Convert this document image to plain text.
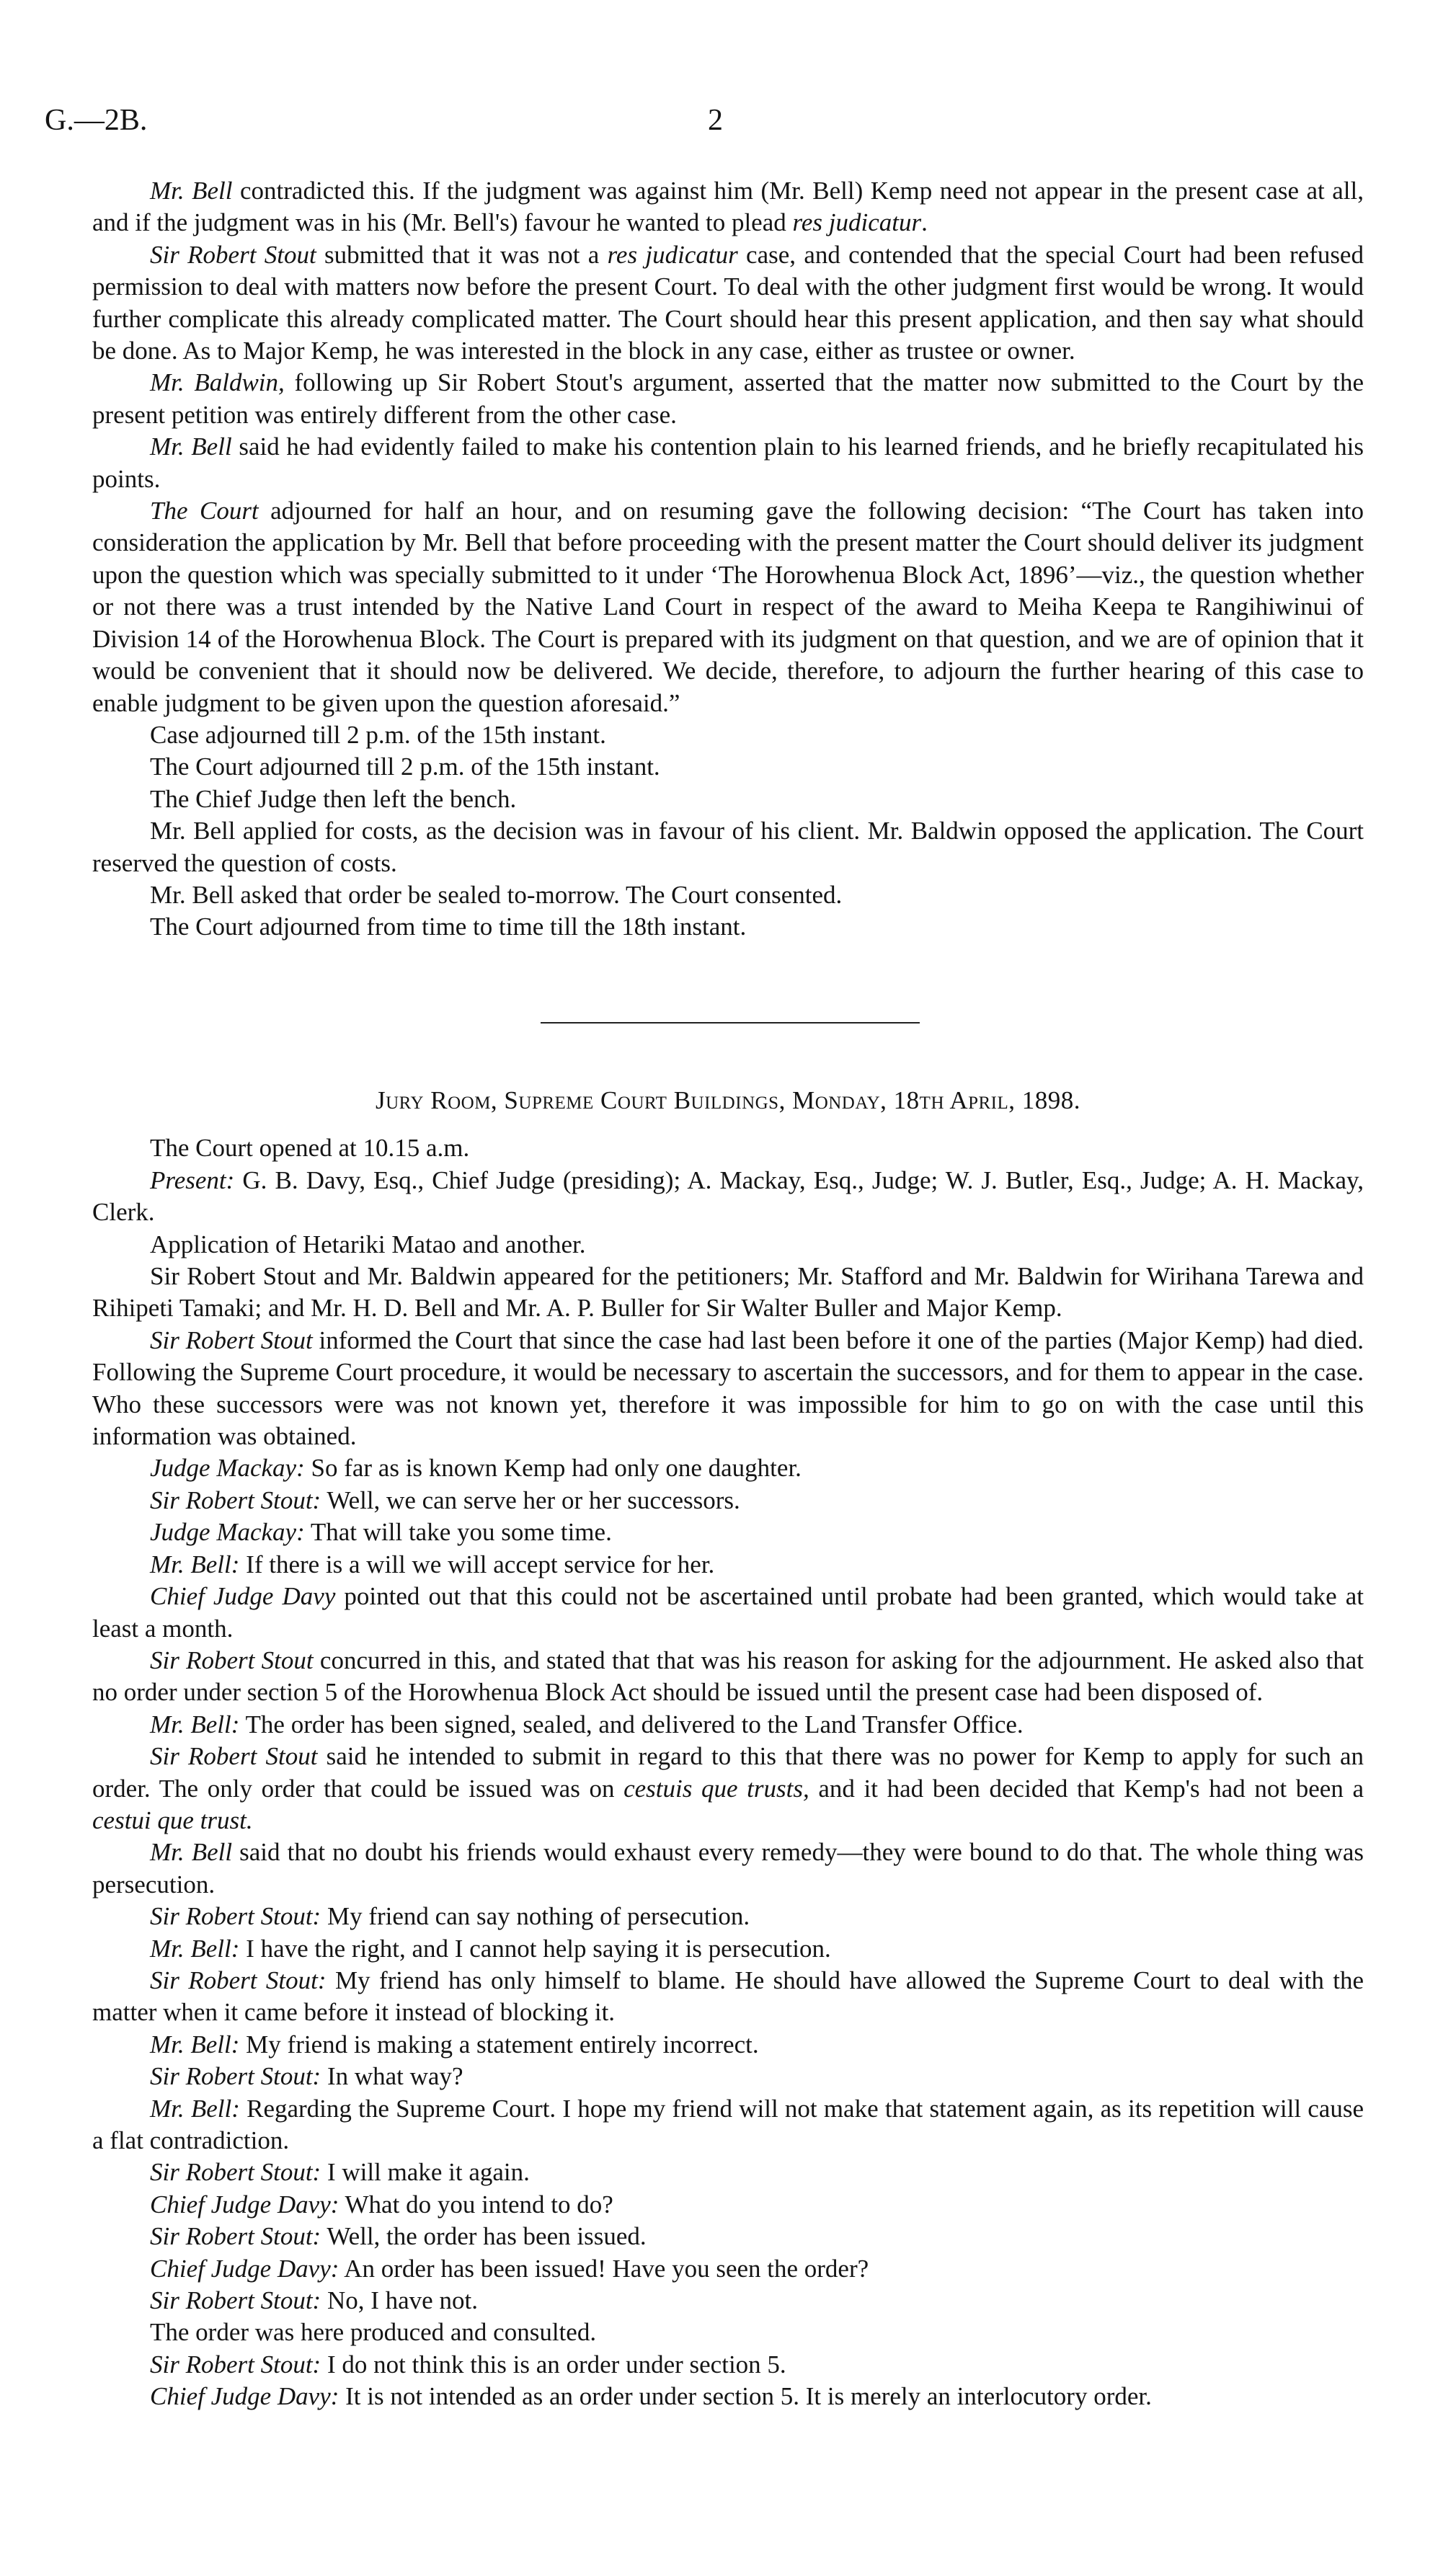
G.—2B.	2

Mr. Bell contradicted this. If the judgment was against him (Mr. Bell) Kemp need not appear in the present case at all, and if the judgment was in his (Mr. Bell's) favour he wanted to plead res judicatur.

Sir Robert Stout submitted that it was not a res judicatur case, and contended that the special Court had been refused permission to deal with matters now before the present Court. To deal with the other judgment first would be wrong. It would further complicate this already complicated matter. The Court should hear this present application, and then say what should be done. As to Major Kemp, he was interested in the block in any case, either as trustee or owner.

Mr. Baldwin, following up Sir Robert Stout's argument, asserted that the matter now submitted to the Court by the present petition was entirely different from the other case.

Mr. Bell said he had evidently failed to make his contention plain to his learned friends, and he briefly recapitulated his points.

The Court adjourned for half an hour, and on resuming gave the following decision: “The Court has taken into consideration the application by Mr. Bell that before proceeding with the present matter the Court should deliver its judgment upon the question which was specially submitted to it under ‘The Horowhenua Block Act, 1896’—viz., the question whether or not there was a trust intended by the Native Land Court in respect of the award to Meiha Keepa te Rangihiwinui of Division 14 of the Horowhenua Block. The Court is prepared with its judgment on that question, and we are of opinion that it would be convenient that it should now be delivered. We decide, therefore, to adjourn the further hearing of this case to enable judgment to be given upon the question aforesaid.”

Case adjourned till 2 p.m. of the 15th instant.

The Court adjourned till 2 p.m. of the 15th instant.

The Chief Judge then left the bench.

Mr. Bell applied for costs, as the decision was in favour of his client. Mr. Baldwin opposed the application. The Court reserved the question of costs.

Mr. Bell asked that order be sealed to-morrow. The Court consented.

The Court adjourned from time to time till the 18th instant.

Jury Room, Supreme Court Buildings, Monday, 18th April, 1898.

The Court opened at 10.15 a.m.

Present: G. B. Davy, Esq., Chief Judge (presiding); A. Mackay, Esq., Judge; W. J. Butler, Esq., Judge; A. H. Mackay, Clerk.

Application of Hetariki Matao and another.

Sir Robert Stout and Mr. Baldwin appeared for the petitioners; Mr. Stafford and Mr. Baldwin for Wirihana Tarewa and Rihipeti Tamaki; and Mr. H. D. Bell and Mr. A. P. Buller for Sir Walter Buller and Major Kemp.

Sir Robert Stout informed the Court that since the case had last been before it one of the parties (Major Kemp) had died. Following the Supreme Court procedure, it would be necessary to ascertain the successors, and for them to appear in the case. Who these successors were was not known yet, therefore it was impossible for him to go on with the case until this information was obtained.

Judge Mackay: So far as is known Kemp had only one daughter.

Sir Robert Stout: Well, we can serve her or her successors.

Judge Mackay: That will take you some time.

Mr. Bell: If there is a will we will accept service for her.

Chief Judge Davy pointed out that this could not be ascertained until probate had been granted, which would take at least a month.

Sir Robert Stout concurred in this, and stated that that was his reason for asking for the adjournment. He asked also that no order under section 5 of the Horowhenua Block Act should be issued until the present case had been disposed of.

Mr. Bell: The order has been signed, sealed, and delivered to the Land Transfer Office.

Sir Robert Stout said he intended to submit in regard to this that there was no power for Kemp to apply for such an order. The only order that could be issued was on cestuis que trusts, and it had been decided that Kemp's had not been a cestui que trust.

Mr. Bell said that no doubt his friends would exhaust every remedy—they were bound to do that. The whole thing was persecution.

Sir Robert Stout: My friend can say nothing of persecution.

Mr. Bell: I have the right, and I cannot help saying it is persecution.

Sir Robert Stout: My friend has only himself to blame. He should have allowed the Supreme Court to deal with the matter when it came before it instead of blocking it.

Mr. Bell: My friend is making a statement entirely incorrect.

Sir Robert Stout: In what way?

Mr. Bell: Regarding the Supreme Court. I hope my friend will not make that statement again, as its repetition will cause a flat contradiction.

Sir Robert Stout: I will make it again.

Chief Judge Davy: What do you intend to do?

Sir Robert Stout: Well, the order has been issued.

Chief Judge Davy: An order has been issued! Have you seen the order?

Sir Robert Stout: No, I have not.

The order was here produced and consulted.

Sir Robert Stout: I do not think this is an order under section 5.

Chief Judge Davy: It is not intended as an order under section 5. It is merely an interlocutory order.
